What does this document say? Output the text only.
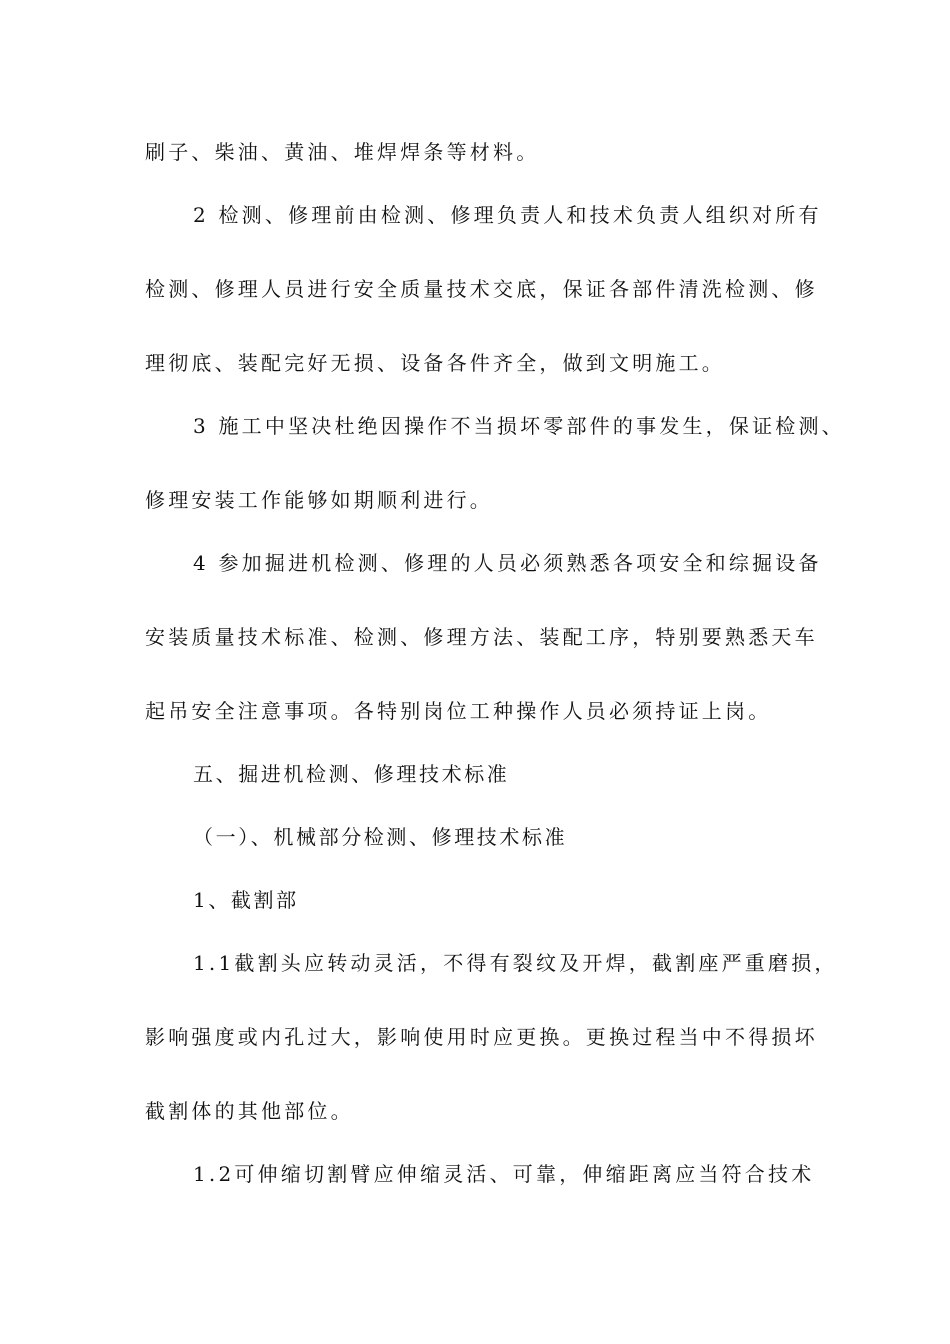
刷子、柴油、黄油、堆焊焊条等材料。
2 检测、修理前由检测、修理负责人和技术负责人组织对所有
检测、修理人员进行安全质量技术交底，保证各部件清洗检测、修
理彻底、装配完好无损、设备各件齐全，做到文明施工。
3 施工中坚决杜绝因操作不当损坏零部件的事发生，保证检测、
修理安装工作能够如期顺利进行。
4 参加掘进机检测、修理的人员必须熟悉各项安全和综掘设备
安装质量技术标准、检测、修理方法、装配工序，特别要熟悉天车
起吊安全注意事项。各特别岗位工种操作人员必须持证上岗。
五、掘进机检测、修理技术标准
（一）、机械部分检测、修理技术标准
1、截割部
1.1截割头应转动灵活，不得有裂纹及开焊，截割座严重磨损，
影响强度或内孔过大，影响使用时应更换。更换过程当中不得损坏
截割体的其他部位。
1.2可伸缩切割臂应伸缩灵活、可靠，伸缩距离应当符合技术
